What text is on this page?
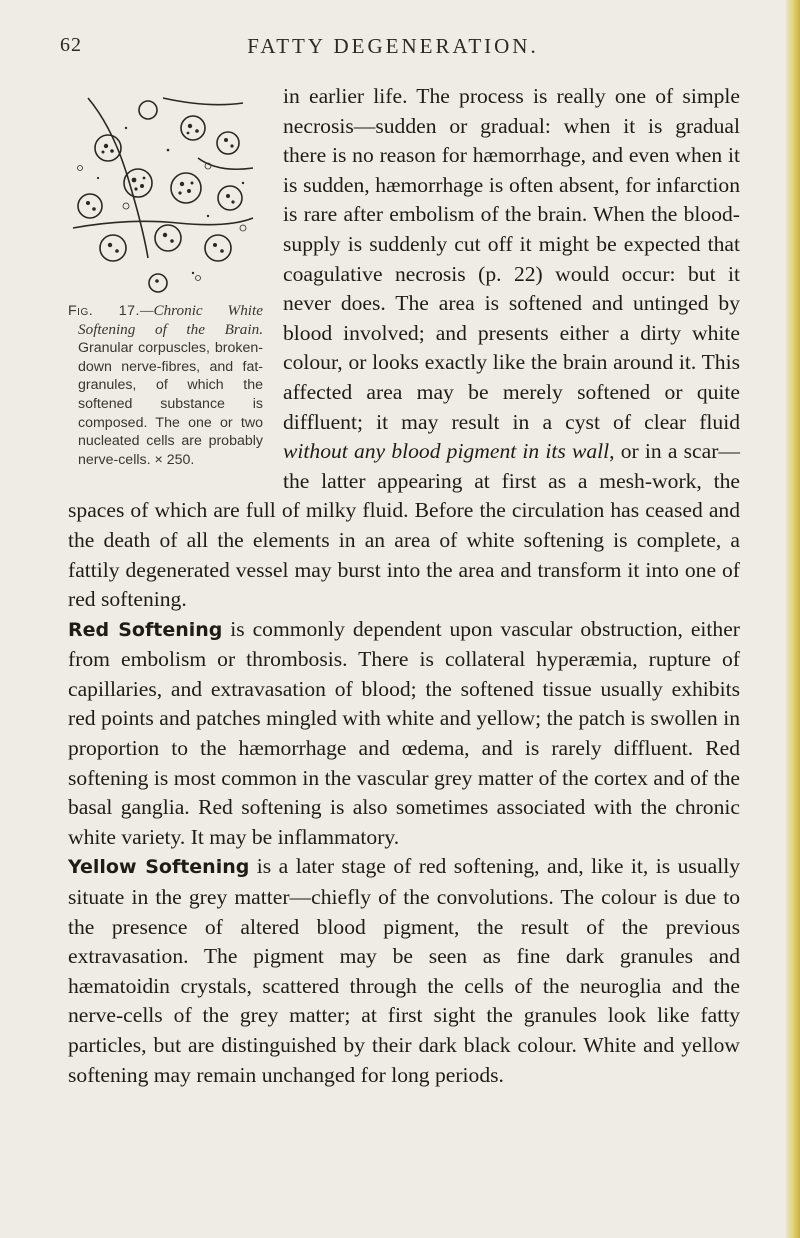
62	FATTY DEGENERATION.

Fig. 17.—Chronic White Softening of the Brain. Granular corpuscles, broken-down nerve-fibres, and fat-granules, of which the softened substance is composed. The one or two nucleated cells are probably nerve-cells. × 250.
in earlier life. The process is really one of simple necrosis—sudden or gradual: when it is gradual there is no reason for hæmorrhage, and even when it is sudden, hæmorrhage is often absent, for infarction is rare after embolism of the brain. When the blood-supply is suddenly cut off it might be expected that coagulative necrosis (p. 22) would occur: but it never does. The area is softened and untinged by blood involved; and presents either a dirty white colour, or looks exactly like the brain around it. This affected area may be merely softened or quite diffluent; it may result in a cyst of clear fluid without any blood pigment in its wall, or in a scar—the latter appearing at first as a mesh-work, the spaces of which are full of milky fluid. Before the circulation has ceased and the death of all the elements in an area of white softening is complete, a fattily degenerated vessel may burst into the area and transform it into one of red softening.

Red Softening is commonly dependent upon vascular obstruction, either from embolism or thrombosis. There is collateral hyperæmia, rupture of capillaries, and extravasation of blood; the softened tissue usually exhibits red points and patches mingled with white and yellow; the patch is swollen in proportion to the hæmorrhage and œdema, and is rarely diffluent. Red softening is most common in the vascular grey matter of the cortex and of the basal ganglia. Red softening is also sometimes associated with the chronic white variety. It may be inflammatory.

Yellow Softening is a later stage of red softening, and, like it, is usually situate in the grey matter—chiefly of the convolutions. The colour is due to the presence of altered blood pigment, the result of the previous extravasation. The pigment may be seen as fine dark granules and hæmatoidin crystals, scattered through the cells of the neuroglia and the nerve-cells of the grey matter; at first sight the granules look like fatty particles, but are distinguished by their dark black colour. White and yellow softening may remain unchanged for long periods.
